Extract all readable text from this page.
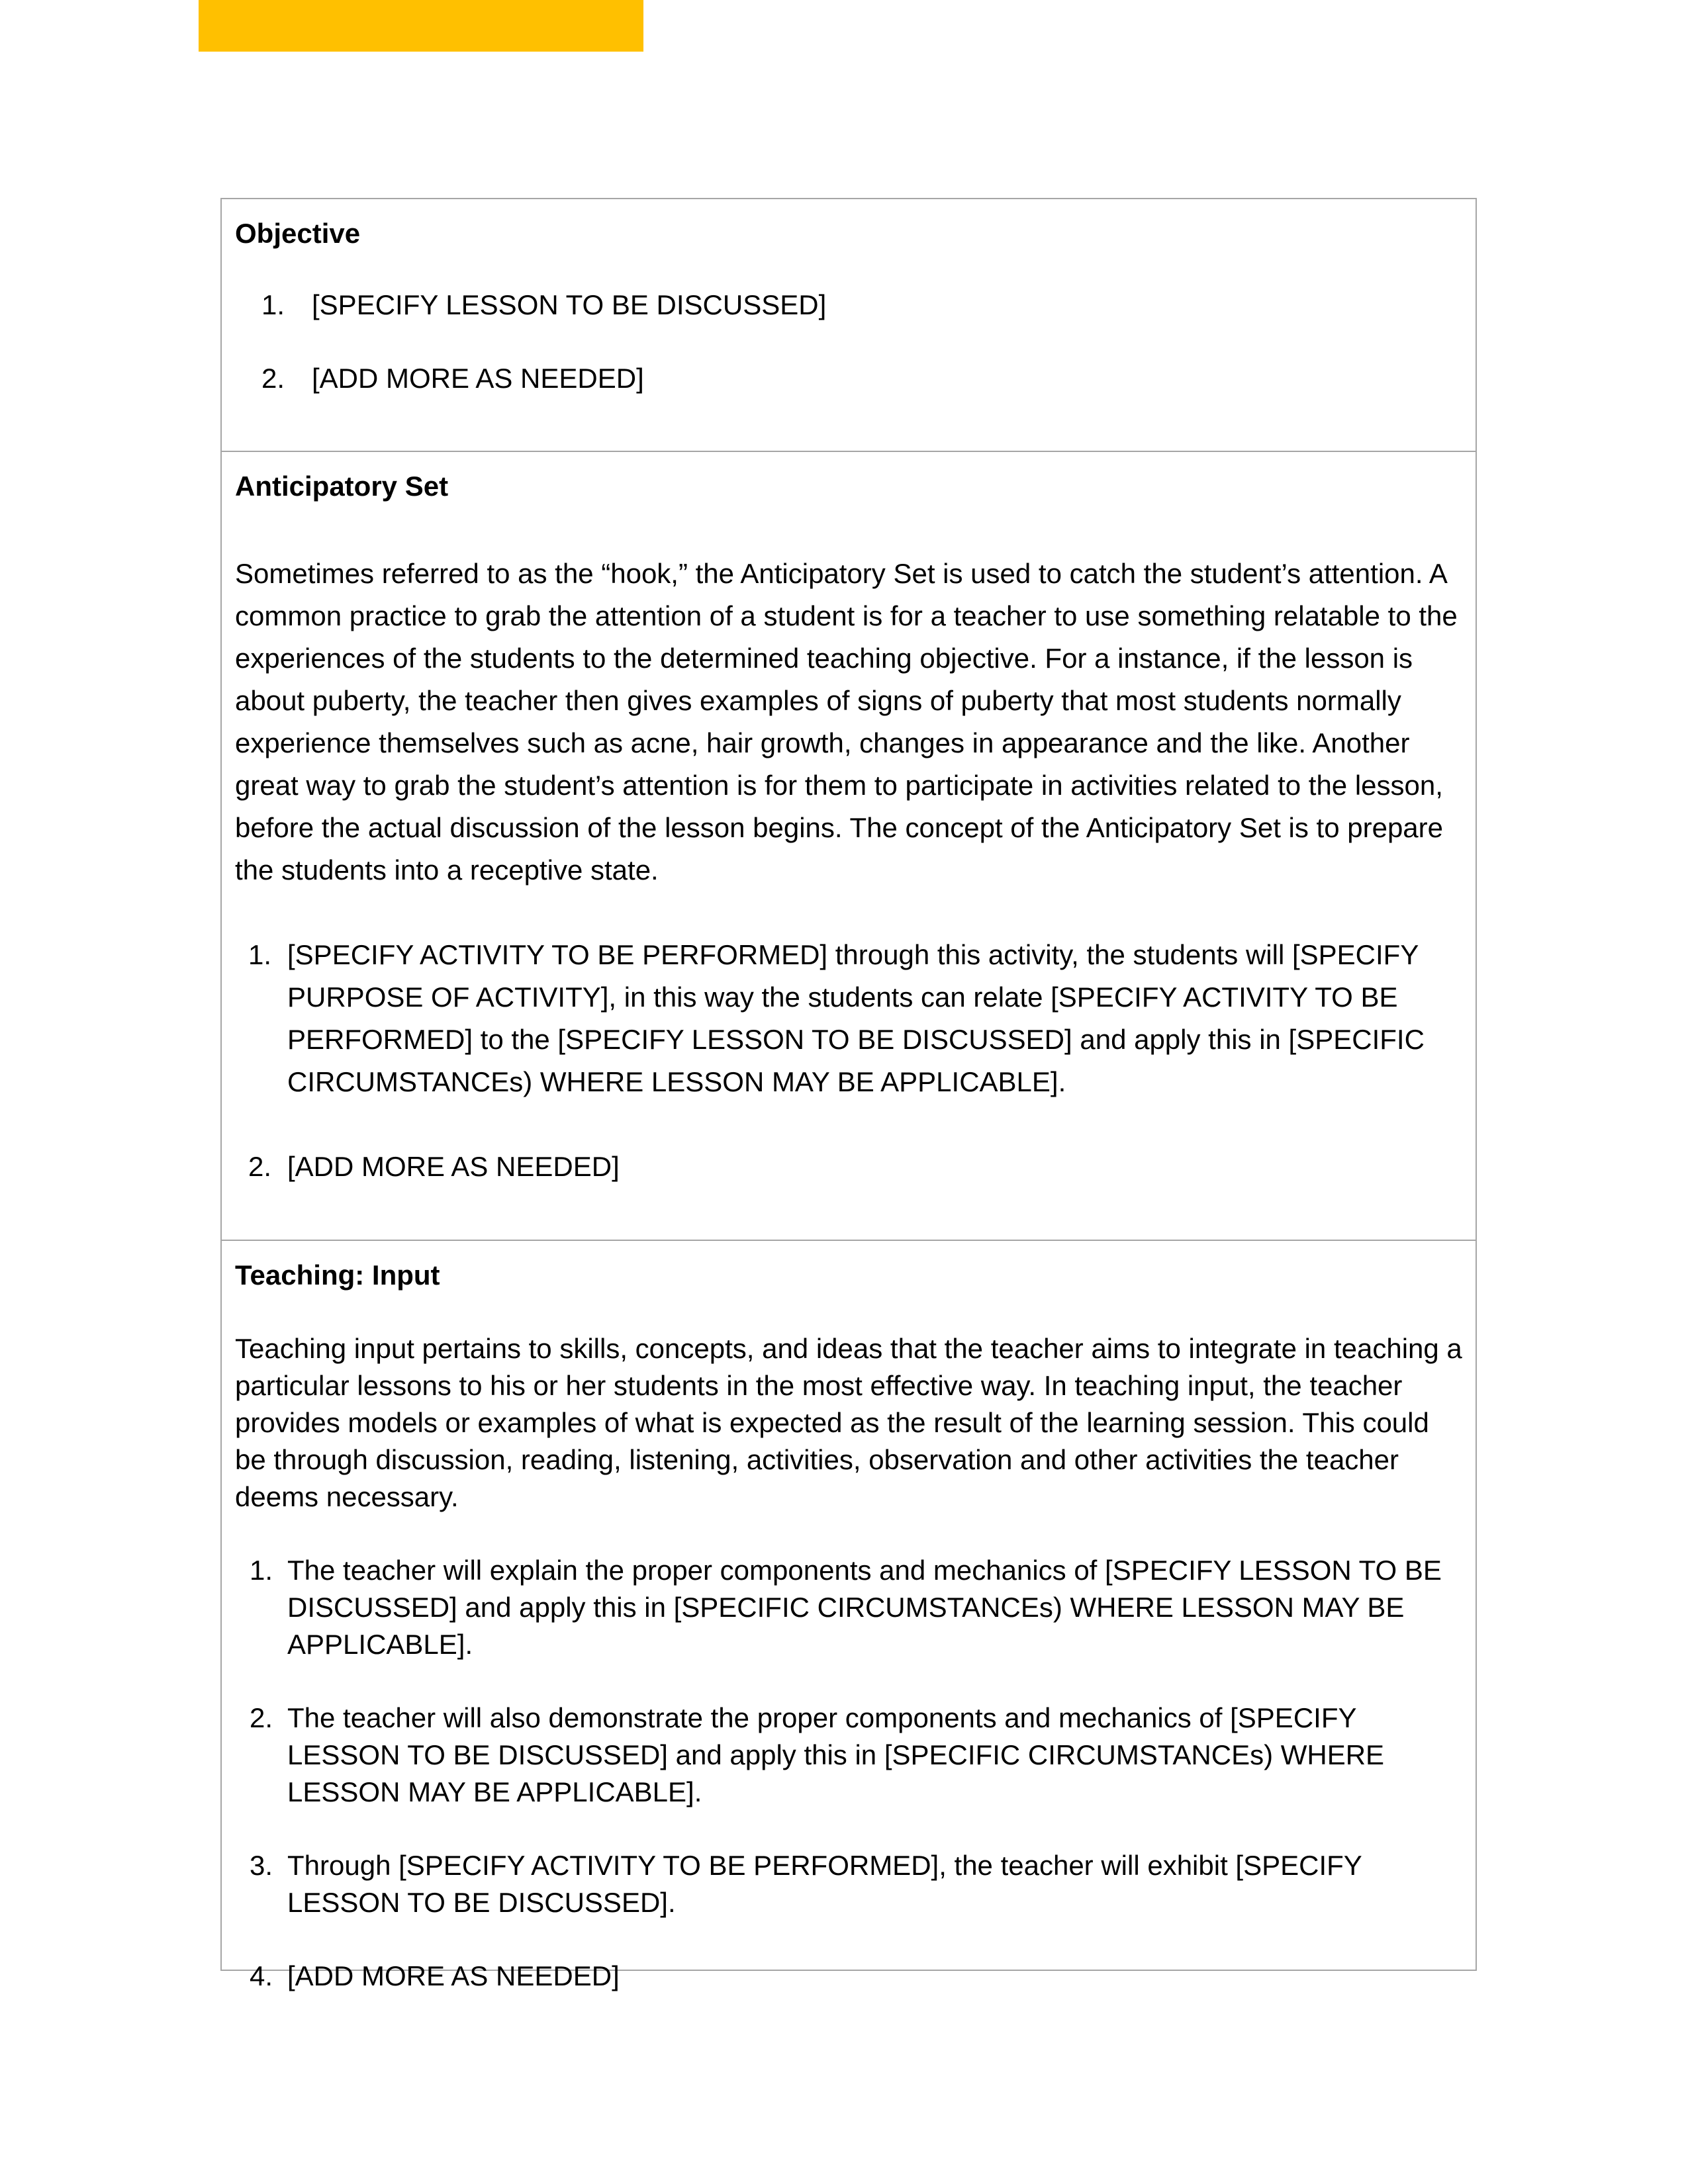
Objective

1. [SPECIFY LESSON TO BE DISCUSSED]
2. [ADD MORE AS NEEDED]

Anticipatory Set

Sometimes referred to as the “hook,” the Anticipatory Set is used to catch the student’s attention. A common practice to grab the attention of a student is for a teacher to use something relatable to the experiences of the students to the determined teaching objective. For a instance, if the lesson is about puberty, the teacher then gives examples of signs of puberty that most students normally experience themselves such as acne, hair growth, changes in appearance and the like. Another great way to grab the student’s attention is for them to participate in activities related to the lesson, before the actual discussion of the lesson begins. The concept of the Anticipatory Set is to prepare the students into a receptive state.

1. [SPECIFY ACTIVITY TO BE PERFORMED] through this activity, the students will [SPECIFY PURPOSE OF ACTIVITY], in this way the students can relate [SPECIFY ACTIVITY TO BE PERFORMED] to the [SPECIFY LESSON TO BE DISCUSSED] and apply this in [SPECIFIC CIRCUMSTANCEs) WHERE LESSON MAY BE APPLICABLE].
2. [ADD MORE AS NEEDED]

Teaching: Input

Teaching input pertains to skills, concepts, and ideas that the teacher aims to integrate in teaching a particular lessons to his or her students in the most effective way. In teaching input, the teacher provides models or examples of what is expected as the result of the learning session. This could be through discussion, reading, listening, activities, observation and other activities the teacher deems necessary.

1. The teacher will explain the proper components and mechanics of [SPECIFY LESSON TO BE DISCUSSED] and apply this in [SPECIFIC CIRCUMSTANCEs) WHERE LESSON MAY BE APPLICABLE].
2. The teacher will also demonstrate the proper components and mechanics of [SPECIFY LESSON TO BE DISCUSSED] and apply this in [SPECIFIC CIRCUMSTANCEs) WHERE LESSON MAY BE APPLICABLE].
3. Through [SPECIFY ACTIVITY TO BE PERFORMED], the teacher will exhibit [SPECIFY LESSON TO BE DISCUSSED].
4. [ADD MORE AS NEEDED]
